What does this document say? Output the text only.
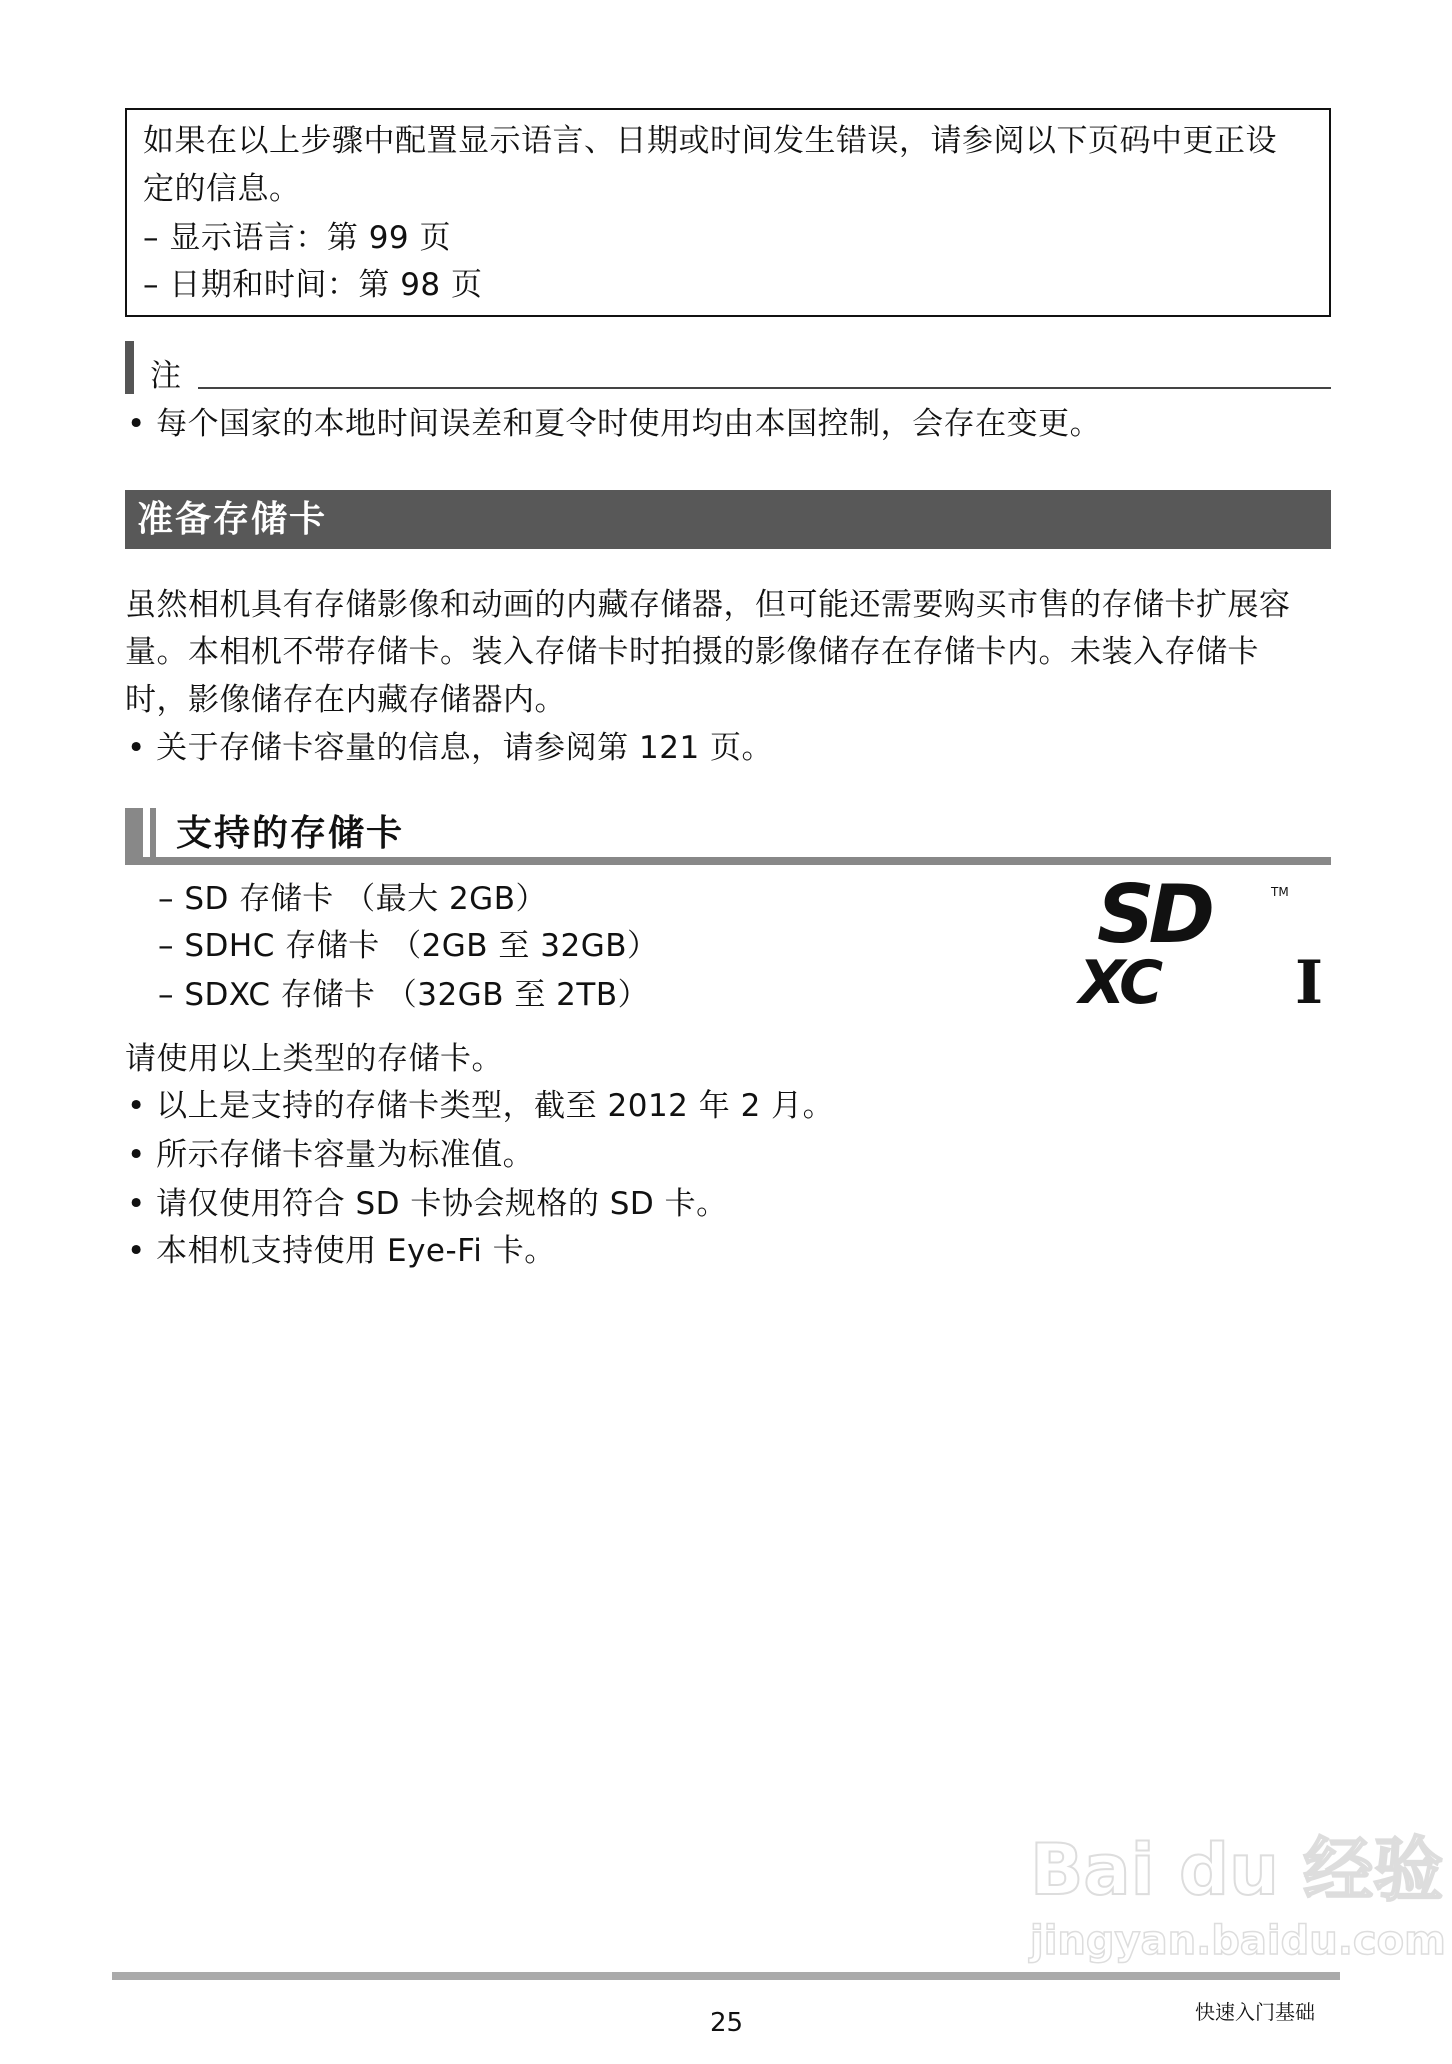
如果在以上步骤中配置显示语言、日期或时间发生错误，请参阅以下页码中更正设
定的信息。
– 显示语言：第 99 页
– 日期和时间：第 98 页
注
• 每个国家的本地时间误差和夏令时使用均由本国控制，会存在变更。
准备存储卡
虽然相机具有存储影像和动画的内藏存储器，但可能还需要购买市售的存储卡扩展容
量。本相机不带存储卡。装入存储卡时拍摄的影像储存在存储卡内。未装入存储卡
时，影像储存在内藏存储器内。
• 关于存储卡容量的信息，请参阅第 121 页。
支持的存储卡
– SD 存储卡 （最大 2GB）
– SDHC 存储卡 （2GB 至 32GB）
– SDXC 存储卡 （32GB 至 2TB）
SD	TM
XC I
请使用以上类型的存储卡。
• 以上是支持的存储卡类型，截至 2012 年 2 月。
• 所示存储卡容量为标准值。
• 请仅使用符合 SD 卡协会规格的 SD 卡。
• 本相机支持使用 Eye-Fi 卡。
Bai du 经验
jingyan.baidu.com
25	快速入门基础
